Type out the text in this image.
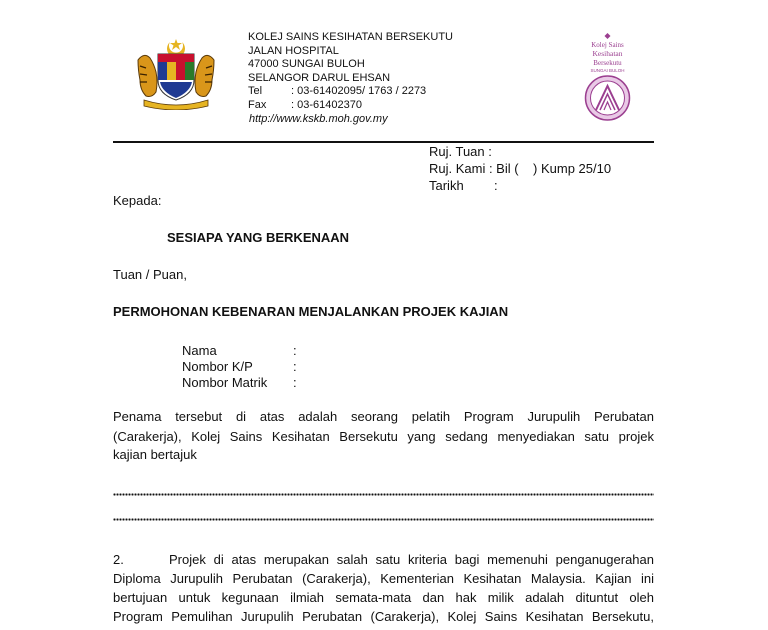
KOLEJ SAINS KESIHATAN BERSEKUTU
JALAN HOSPITAL
47000 SUNGAI BULOH
SELANGOR DARUL EHSAN
Tel	: 03-61402095/ 1763 / 2273
Fax : 03-61402370
http://www.kskb.moh.gov.my
Kolej Sains
Kesihatan
Bersekutu
SUNGAI BULOH
Ruj. Tuan :
Ruj. Kami : Bil (    ) Kump 25/10
Tarikh :
Kepada:
SESIAPA YANG BERKENAAN
Tuan / Puan,
PERMOHONAN KEBENARAN MENJALANKAN PROJEK KAJIAN
Nama	:
Nombor K/P	:
Nombor Matrik :
Penama tersebut di atas adalah seorang pelatih Program Jurupulih Perubatan
(Carakerja), Kolej Sains Kesihatan Bersekutu yang sedang menyediakan satu projek
kajian bertajuk
2.	Projek di atas merupakan salah satu kriteria bagi memenuhi penganugerahan
Diploma Jurupulih Perubatan (Carakerja), Kementerian Kesihatan Malaysia. Kajian ini
bertujuan untuk kegunaan ilmiah semata-mata dan hak milik adalah dituntut oleh
Program Pemulihan Jurupulih Perubatan (Carakerja), Kolej Sains Kesihatan Bersekutu,
